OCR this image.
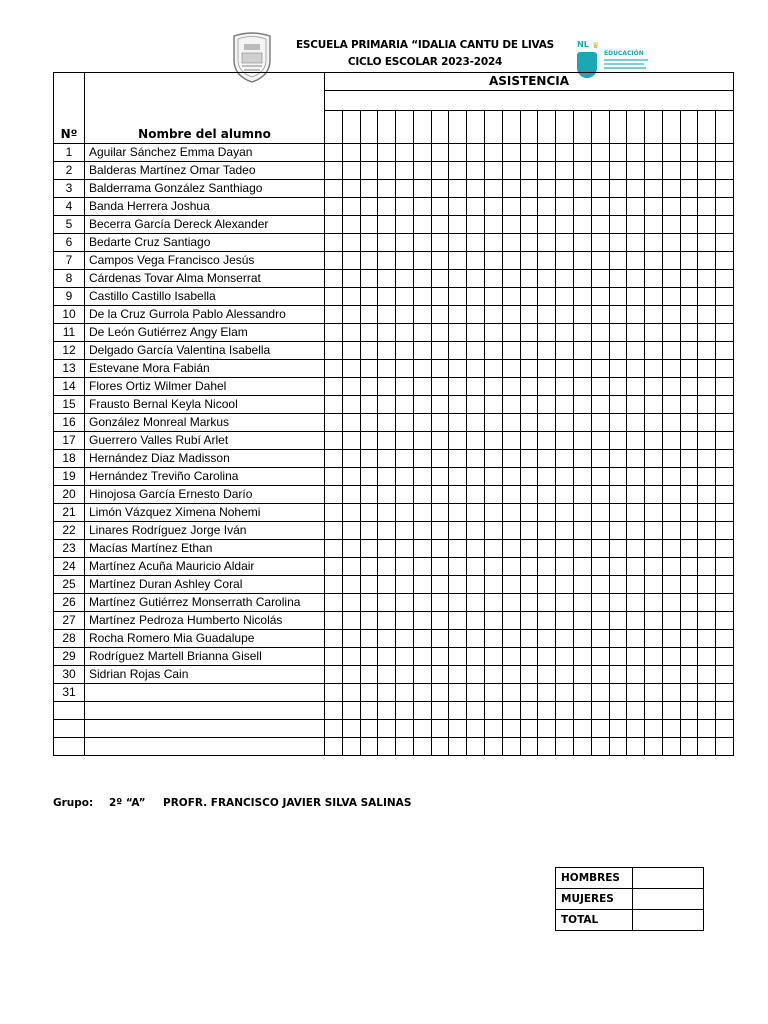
ESCUELA PRIMARIA “IDALIA CANTU DE LIVAS
CICLO ESCOLAR 2023-2024
NL ♛
EDUCACIÓN
Nº	Nombre del alumno	ASISTENCIA																						

1	Aguilar Sánchez Emma Dayan																							
2	Balderas Martínez Omar Tadeo																							
3	Balderrama González Santhiago																							
4	Banda Herrera Joshua																							
5	Becerra García Dereck Alexander																							
6	Bedarte Cruz Santiago																							
7	Campos Vega Francisco Jesús																							
8	Cárdenas Tovar Alma Monserrat																							
9	Castillo Castillo Isabella																							
10	De la Cruz Gurrola Pablo Alessandro																							
11	De León Gutiérrez Angy Elam																							
12	Delgado García Valentina Isabella																							
13	Estevane Mora Fabián																							
14	Flores Ortiz Wilmer Dahel																							
15	Frausto Bernal Keyla Nicool																							
16	González Monreal Markus																							
17	Guerrero Valles Rubí Arlet																							
18	Hernández Diaz Madisson																							
19	Hernández Treviño Carolina																							
20	Hinojosa García Ernesto Darío																							
21	Limón Vázquez Ximena Nohemi																							
22	Linares Rodríguez Jorge Iván																							
23	Macías Martínez Ethan																							
24	Martínez Acuña Mauricio Aldair																							
25	Martínez Duran Ashley Coral																							
26	Martínez Gutiérrez Monserrath Carolina																							
27	Martínez Pedroza Humberto Nicolás																							
28	Rocha Romero Mia Guadalupe																							
29	Rodríguez Martell Brianna Gisell																							
30	Sidrian Rojas Cain																							
31																								

Grupo: 2º “A” PROFR. FRANCISCO JAVIER SILVA SALINAS
HOMBRES	
MUJERES	
TOTAL	
